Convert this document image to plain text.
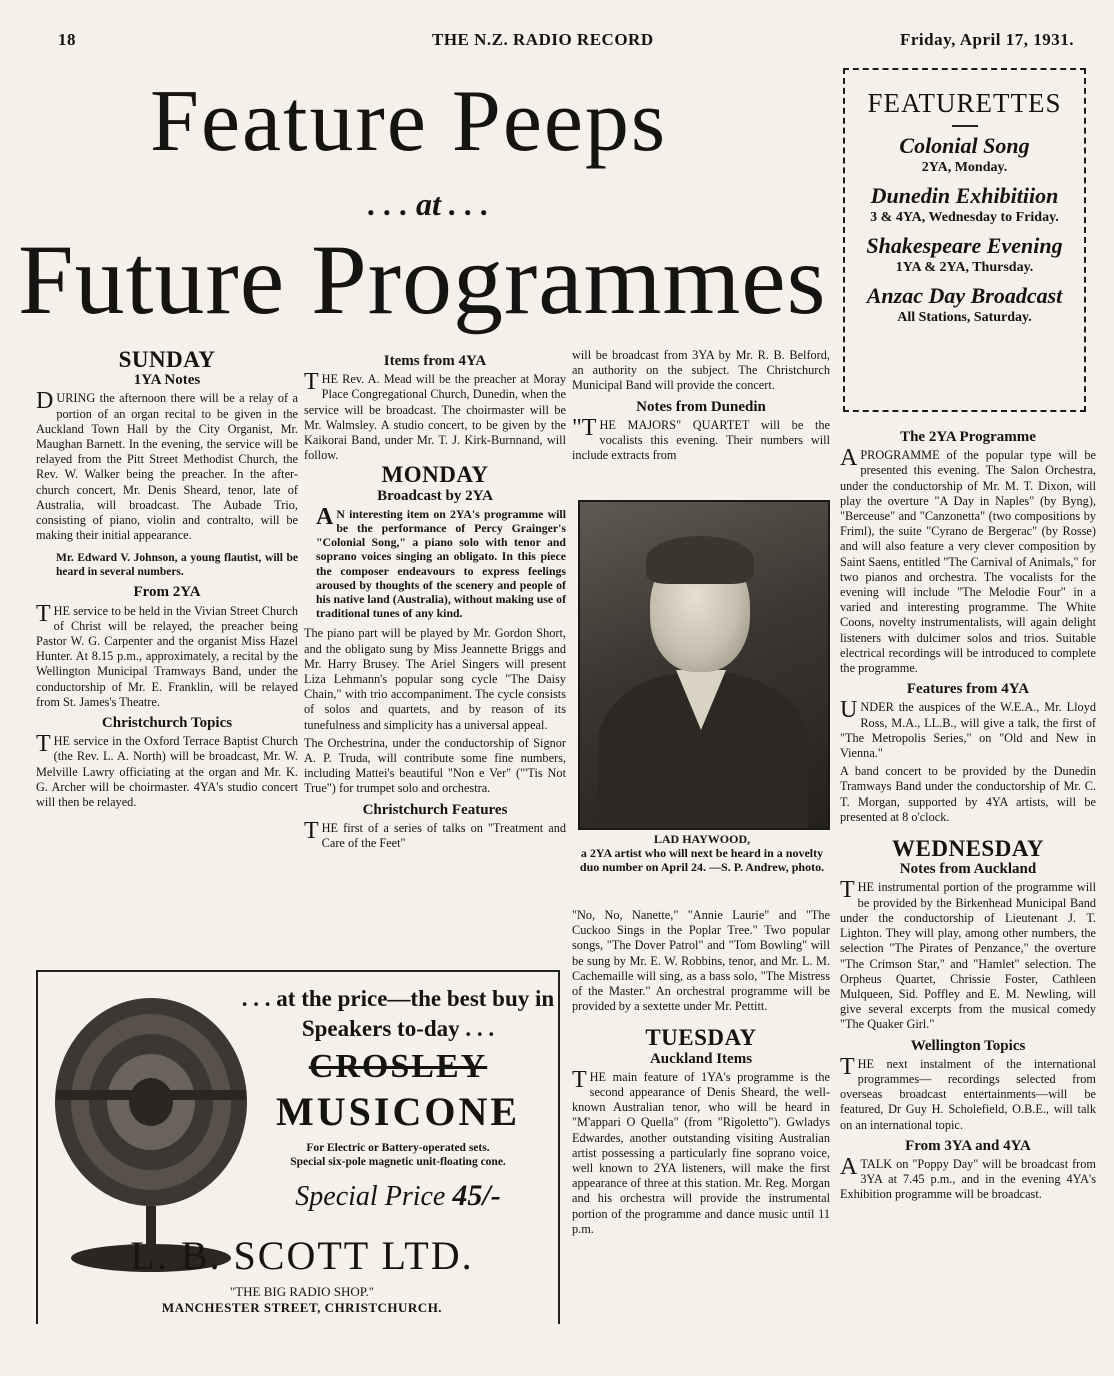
18	THE N.Z. RADIO RECORD	Friday, April 17, 1931.
Feature Peeps
. . . at . . .
Future Programmes
FEATURETTES
Colonial Song
2YA, Monday.
Dunedin Exhibitiion
3 & 4YA, Wednesday to Friday.
Shakespeare Evening
1YA & 2YA, Thursday.
Anzac Day Broadcast
All Stations, Saturday.
SUNDAY
1YA Notes

DURING the afternoon there will be a relay of a portion of an organ recital to be given in the Auckland Town Hall by the City Organist, Mr. Maughan Barnett. In the evening, the service will be relayed from the Pitt Street Methodist Church, the Rev. W. Walker being the preacher. In the after-church concert, Mr. Denis Sheard, tenor, late of Australia, will broadcast. The Aubade Trio, consisting of piano, violin and contralto, will be making their initial appearance.

Mr. Edward V. Johnson, a young flautist, will be heard in several numbers.

From 2YA

THE service to be held in the Vivian Street Church of Christ will be relayed, the preacher being Pastor W. G. Carpenter and the organist Miss Hazel Hunter. At 8.15 p.m., approximately, a recital by the Wellington Municipal Tramways Band, under the conductorship of Mr. E. Franklin, will be relayed from St. James's Theatre.

Christchurch Topics

THE service in the Oxford Terrace Baptist Church (the Rev. L. A. North) will be broadcast, Mr. W. Melville Lawry officiating at the organ and Mr. K. G. Archer will be choirmaster. 4YA's studio concert will then be relayed.

Items from 4YA

THE Rev. A. Mead will be the preacher at Moray Place Congregational Church, Dunedin, when the service will be broadcast. The choirmaster will be Mr. Walmsley. A studio concert, to be given by the Kaikorai Band, under Mr. T. J. Kirk-Burnnand, will follow.

MONDAY
Broadcast by 2YA

AN interesting item on 2YA's programme will be the performance of Percy Grainger's "Colonial Song," a piano solo with tenor and soprano voices singing an obligato. In this piece the composer endeavours to express feelings aroused by thoughts of the scenery and people of his native land (Australia), without making use of traditional tunes of any kind.

The piano part will be played by Mr. Gordon Short, and the obligato sung by Miss Jeannette Briggs and Mr. Harry Brusey. The Ariel Singers will present Liza Lehmann's popular song cycle "The Daisy Chain," with trio accompaniment. The cycle consists of solos and quartets, and by reason of its tunefulness and simplicity has a universal appeal.

The Orchestrina, under the conductorship of Signor A. P. Truda, will contribute some fine numbers, including Mattei's beautiful "Non e Ver" ("'Tis Not True") for trumpet solo and orchestra.

Christchurch Features

THE first of a series of talks on "Treatment and Care of the Feet"

will be broadcast from 3YA by Mr. R. B. Belford, an authority on the subject. The Christchurch Municipal Band will provide the concert.

Notes from Dunedin

"THE MAJORS" QUARTET will be the vocalists this evening. Their numbers will include extracts from

LAD HAYWOOD,
a 2YA artist who will next be heard in a novelty duo number on April 24. —S. P. Andrew, photo.

"No, No, Nanette," "Annie Laurie" and "The Cuckoo Sings in the Poplar Tree." Two popular songs, "The Dover Patrol" and "Tom Bowling" will be sung by Mr. E. W. Robbins, tenor, and Mr. L. M. Cachemaille will sing, as a bass solo, "The Mistress of the Master." An orchestral programme will be provided by a sextette under Mr. Pettitt.

TUESDAY
Auckland Items

THE main feature of 1YA's programme is the second appearance of Denis Sheard, the well-known Australian tenor, who will be heard in "M'appari O Quella" (from "Rigoletto"). Gwladys Edwardes, another outstanding visiting Australian artist possessing a particularly fine soprano voice, well known to 2YA listeners, will make the first appearance of three at this station. Mr. Reg. Morgan and his orchestra will provide the instrumental portion of the programme and dance music until 11 p.m.

The 2YA Programme

APROGRAMME of the popular type will be presented this evening. The Salon Orchestra, under the conductorship of Mr. M. T. Dixon, will play the overture "A Day in Naples" (by Byng), "Berceuse" and "Canzonetta" (two compositions by Friml), the suite "Cyrano de Bergerac" (by Rosse) and will also feature a very clever composition by Saint Saens, entitled "The Carnival of Animals," for two pianos and orchestra. The vocalists for the evening will include "The Melodie Four" in a varied and interesting programme. The White Coons, novelty instrumentalists, will again delight listeners with dulcimer solos and trios. Suitable electrical recordings will be introduced to complete the programme.

Features from 4YA

UNDER the auspices of the W.E.A., Mr. Lloyd Ross, M.A., LL.B., will give a talk, the first of "The Metropolis Series," on "Old and New in Vienna."

A band concert to be provided by the Dunedin Tramways Band under the conductorship of Mr. C. T. Morgan, supported by 4YA artists, will be presented at 8 o'clock.

WEDNESDAY
Notes from Auckland

THE instrumental portion of the programme will be provided by the Birkenhead Municipal Band under the conductorship of Lieutenant J. T. Lighton. They will play, among other numbers, the selection "The Pirates of Penzance," the overture "The Crimson Star," and "Hamlet" selection. The Orpheus Quartet, Chrissie Foster, Cathleen Mulqueen, Sid. Poffley and E. M. Newling, will give several excerpts from the musical comedy "The Quaker Girl."

Wellington Topics

THE next instalment of the international programmes— recordings selected from overseas broadcast entertainments—will be featured, Dr Guy H. Scholefield, O.B.E., will talk on an international topic.

From 3YA and 4YA

ATALK on "Poppy Day" will be broadcast from 3YA at 7.45 p.m., and in the evening 4YA's Exhibition programme will be broadcast.

. . . at the price—the best buy in Speakers to-day . . .
CROSLEY
MUSICONE
For Electric or Battery-operated sets. Special six-pole magnetic unit-floating cone.
Special Price 45/-
L. B. SCOTT LTD.
"THE BIG RADIO SHOP."
MANCHESTER STREET, CHRISTCHURCH.
